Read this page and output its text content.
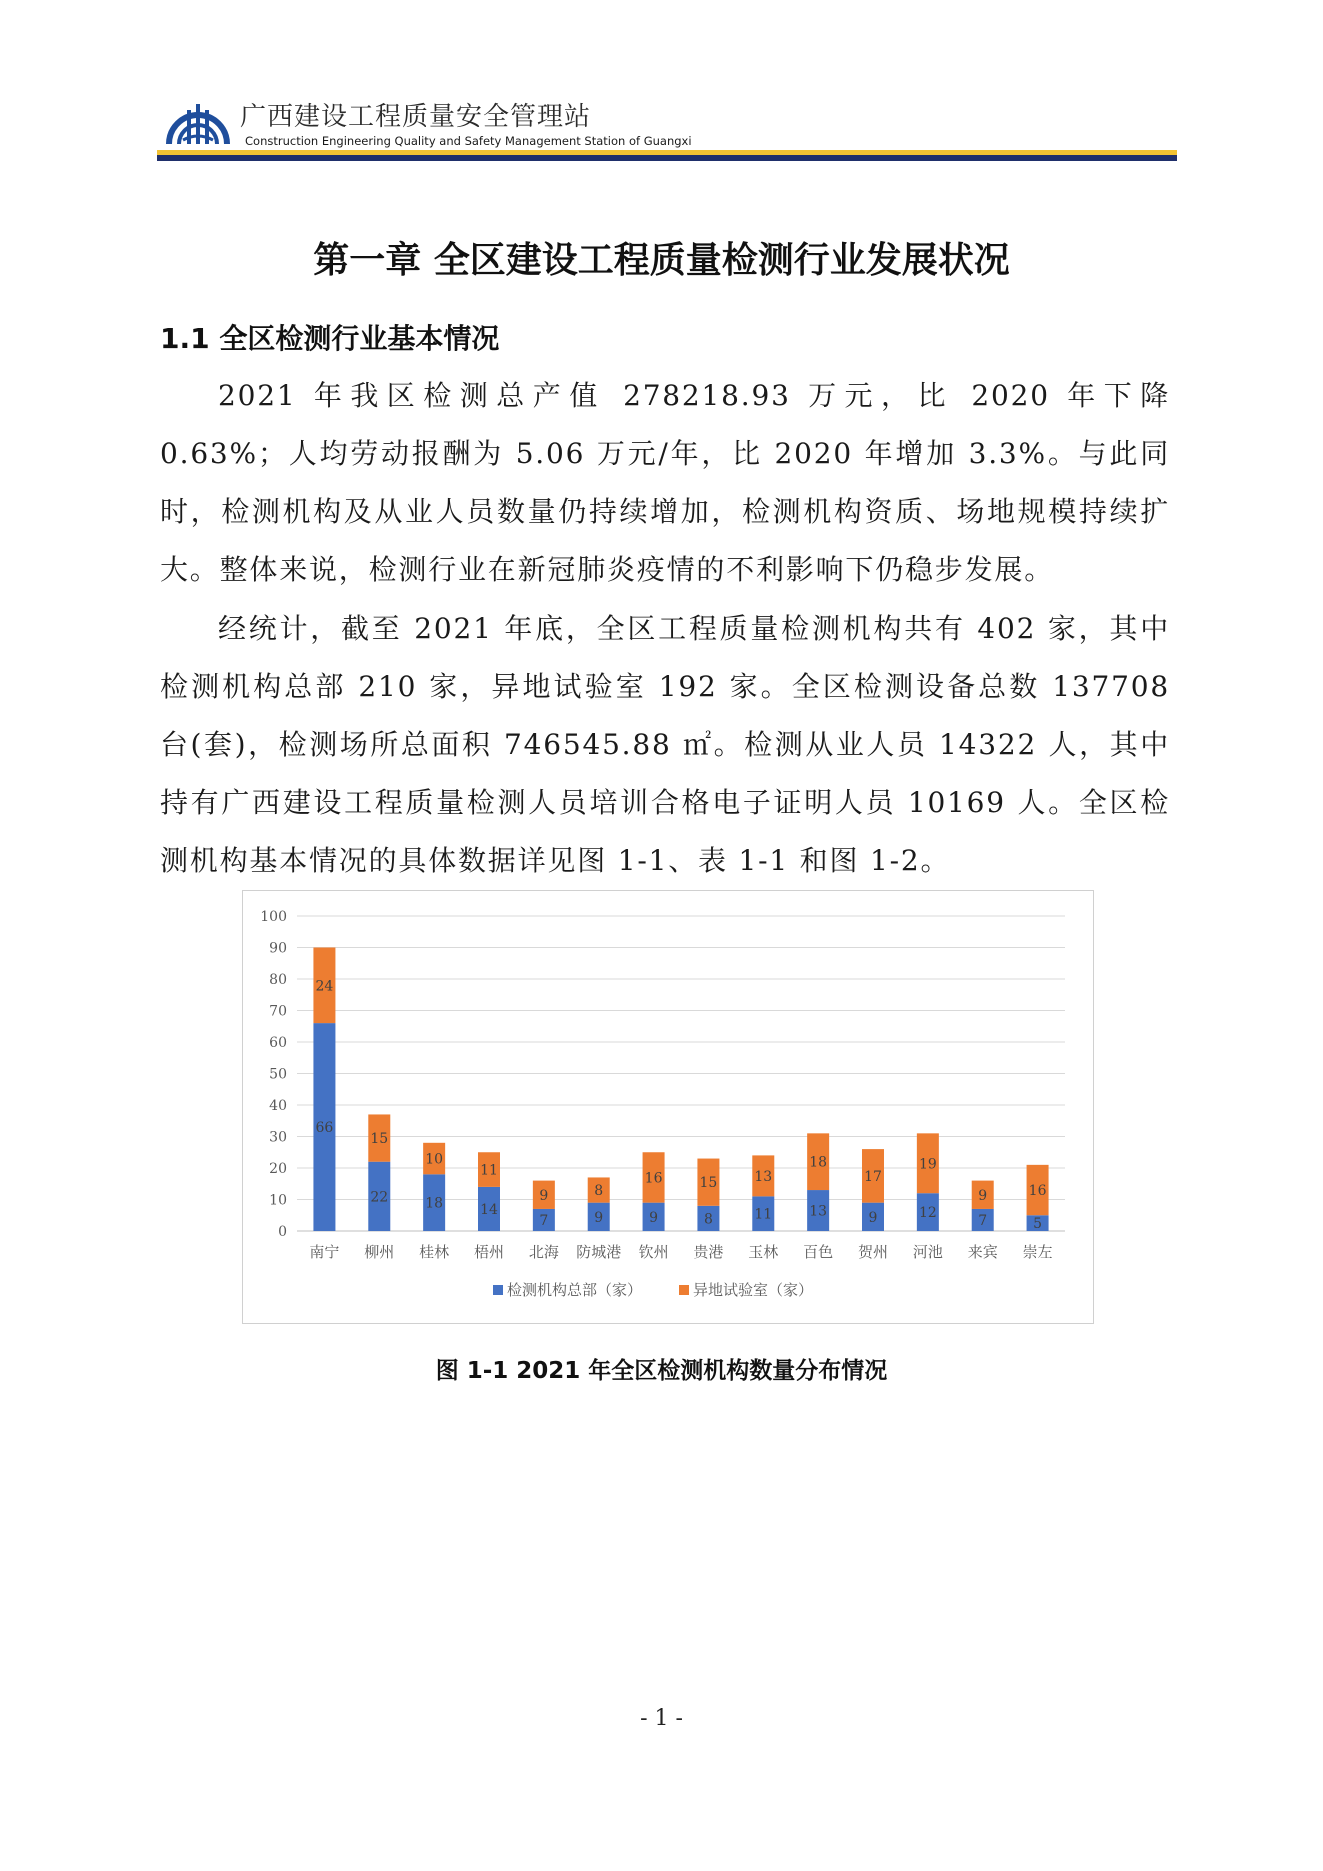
广西建设工程质量安全管理站
Construction Engineering Quality and Safety Management Station of Guangxi
第一章 全区建设工程质量检测行业发展状况
1.1 全区检测行业基本情况

2021 年我区检测总产值 278218.93 万元，比 2020 年下降 0.63%；人均劳动报酬为 5.06 万元/年，比 2020 年增加 3.3%。与此同时，检测机构及从业人员数量仍持续增加，检测机构资质、场地规模持续扩大。整体来说，检测行业在新冠肺炎疫情的不利影响下仍稳步发展。

经统计，截至 2021 年底，全区工程质量检测机构共有 402 家，其中检测机构总部 210 家，异地试验室 192 家。全区检测设备总数 137708 台(套)，检测场所总面积 746545.88 ㎡。检测从业人员 14322 人，其中持有广西建设工程质量检测人员培训合格电子证明人员 10169 人。全区检测机构基本情况的具体数据详见图 1-1、表 1-1 和图 1-2。

0
10
20
30
40
50
60
70
80
90
100
66
24
南宁
22
15
柳州
18
10
桂林
14
11
梧州
7
9
北海
9
8
防城港
9
16
钦州
8
15
贵港
11
13
玉林
13
18
百色
9
17
贺州
12
19
河池
7
9
来宾
5
16
崇左
检测机构总部（家）	异地试验室（家）
图 1-1 2021 年全区检测机构数量分布情况
- 1 -
